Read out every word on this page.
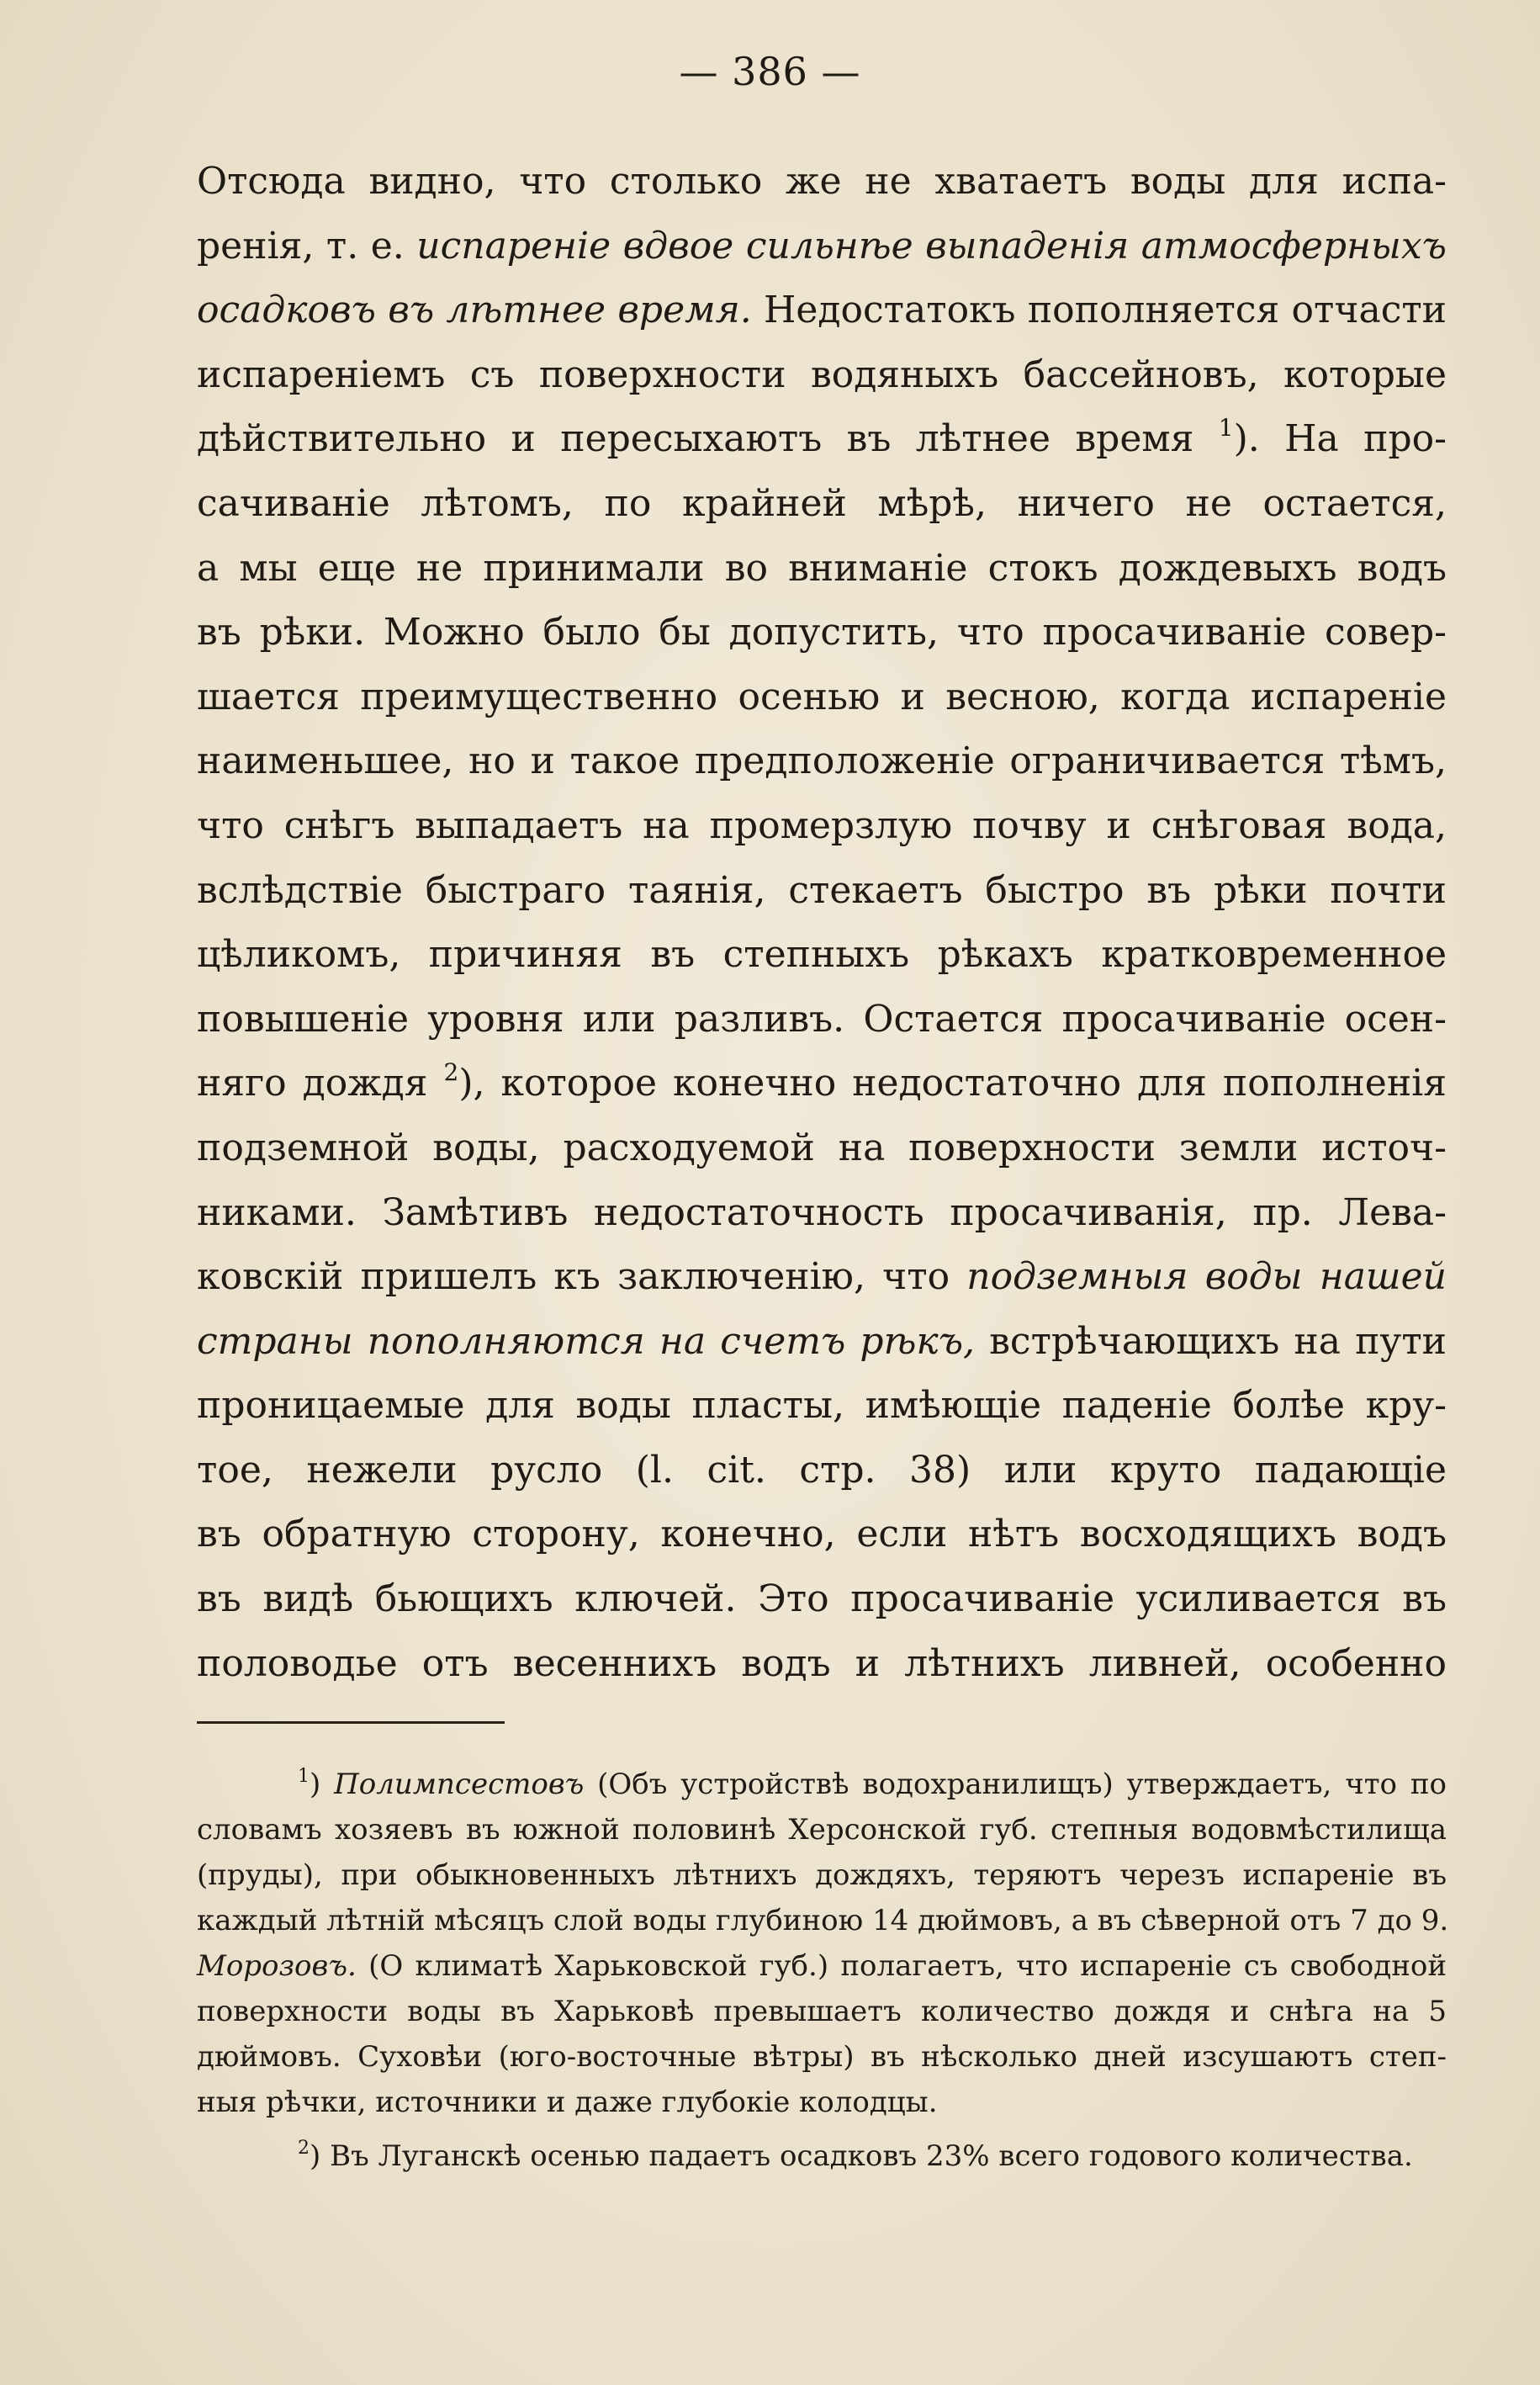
— 386 —
Отсюда видно, что столько же не хватаетъ воды для испа-
ренія, т. е. испареніе вдвое сильнѣе выпаденія атмосферныхъ
осадковъ въ лѣтнее время. Недостатокъ пополняется отчасти
испареніемъ съ поверхности водяныхъ бассейновъ, которые
дѣйствительно и пересыхаютъ въ лѣтнее время $^1$). На про-
сачиваніе лѣтомъ, по крайней мѣрѣ, ничего не остается,
а мы еще не принимали во вниманіе стокъ дождевыхъ водъ
въ рѣки. Можно было бы допустить, что просачиваніе совер-
шается преимущественно осенью и весною, когда испареніе
наименьшее, но и такое предположеніе ограничивается тѣмъ,
что снѣгъ выпадаетъ на промерзлую почву и снѣговая вода,
вслѣдствіе быстраго таянія, стекаетъ быстро въ рѣки почти
цѣликомъ, причиняя въ степныхъ рѣкахъ кратковременное
повышеніе уровня или разливъ. Остается просачиваніе осен-
няго дождя $^2$), которое конечно недостаточно для пополненія
подземной воды, расходуемой на поверхности земли источ-
никами. Замѣтивъ недостаточность просачиванія, пр. Лева-
ковскій пришелъ къ заключенію, что подземныя воды нашей
страны пополняются на счетъ рѣкъ, встрѣчающихъ на пути
проницаемые для воды пласты, имѣющіе паденіе болѣе кру-
тое, нежели русло (l. cit. стр. 38) или круто падающіе
въ обратную сторону, конечно, если нѣтъ восходящихъ водъ
въ видѣ бьющихъ ключей. Это просачиваніе усиливается въ
половодье отъ весеннихъ водъ и лѣтнихъ ливней, особенно
$^1$) Полимпсестовъ (Объ устройствѣ водохранилищъ) утверждаетъ, что по
словамъ хозяевъ въ южной половинѣ Херсонской губ. степныя водовмѣстилища
(пруды), при обыкновенныхъ лѣтнихъ дождяхъ, теряютъ черезъ испареніе въ
каждый лѣтній мѣсяцъ слой воды глубиною 14 дюймовъ, а въ сѣверной отъ 7 до 9.
Морозовъ. (О климатѣ Харьковской губ.) полагаетъ, что испареніе съ свободной
поверхности воды въ Харьковѣ превышаетъ количество дождя и снѣга на 5
дюймовъ. Суховѣи (юго-восточные вѣтры) въ нѣсколько дней изсушаютъ степ-
ныя рѣчки, источники и даже глубокіе колодцы.
$^2$) Въ Луганскѣ осенью падаетъ осадковъ 23% всего годового количества.
